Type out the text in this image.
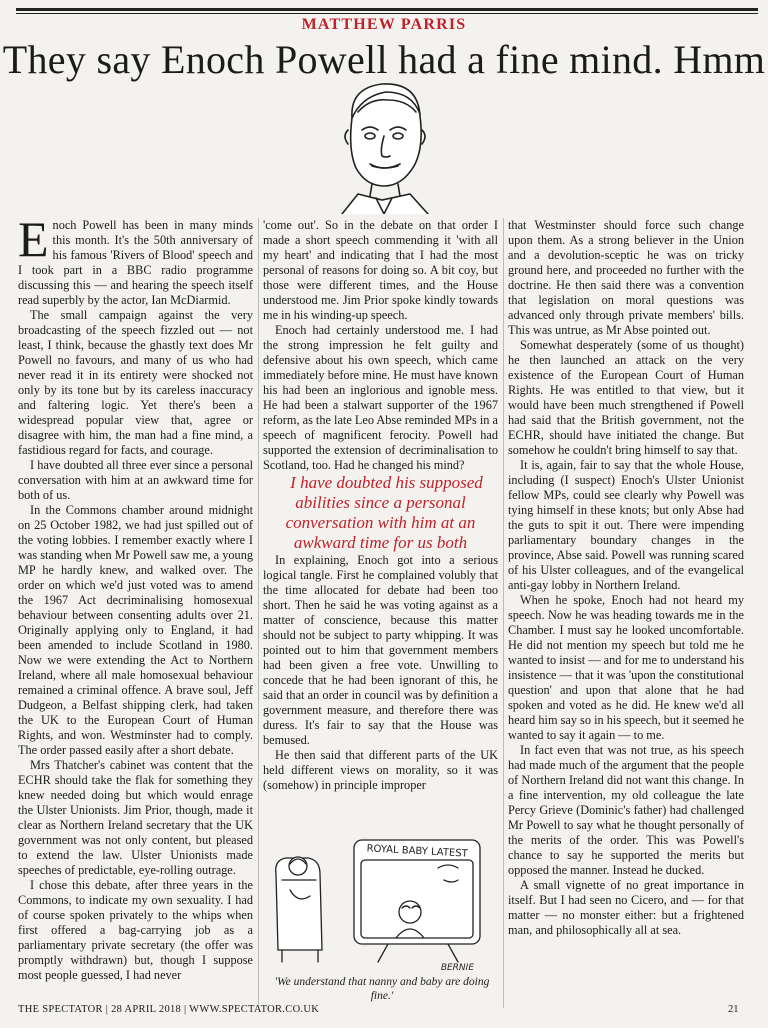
MATTHEW PARRIS
They say Enoch Powell had a fine mind. Hmm

Enoch Powell has been in many minds this month. It's the 50th anniversary of his famous 'Rivers of Blood' speech and I took part in a BBC radio programme discussing this — and hearing the speech itself read superbly by the actor, Ian McDiarmid.

The small campaign against the very broadcasting of the speech fizzled out — not least, I think, because the ghastly text does Mr Powell no favours, and many of us who had never read it in its entirety were shocked not only by its tone but by its careless inaccuracy and faltering logic. Yet there's been a widespread popular view that, agree or disagree with him, the man had a fine mind, a fastidious regard for facts, and courage.

I have doubted all three ever since a personal conversation with him at an awkward time for both of us.

In the Commons chamber around midnight on 25 October 1982, we had just spilled out of the voting lobbies. I remember exactly where I was standing when Mr Powell saw me, a young MP he hardly knew, and walked over. The order on which we'd just voted was to amend the 1967 Act decriminalising homosexual behaviour between consenting adults over 21. Originally applying only to England, it had been amended to include Scotland in 1980. Now we were extending the Act to Northern Ireland, where all male homosexual behaviour remained a criminal offence. A brave soul, Jeff Dudgeon, a Belfast shipping clerk, had taken the UK to the European Court of Human Rights, and won. Westminster had to comply. The order passed easily after a short debate.

Mrs Thatcher's cabinet was content that the ECHR should take the flak for something they knew needed doing but which would enrage the Ulster Unionists. Jim Prior, though, made it clear as Northern Ireland secretary that the UK government was not only content, but pleased to extend the law. Ulster Unionists made speeches of predictable, eye-rolling outrage.

I chose this debate, after three years in the Commons, to indicate my own sexuality. I had of course spoken privately to the whips when first offered a bag-carrying job as a parliamentary private secretary (the offer was promptly withdrawn) but, though I suppose most people guessed, I had never

'come out'. So in the debate on that order I made a short speech commending it 'with all my heart' and indicating that I had the most personal of reasons for doing so. A bit coy, but those were different times, and the House understood me. Jim Prior spoke kindly towards me in his winding-up speech.

Enoch had certainly understood me. I had the strong impression he felt guilty and defensive about his own speech, which came immediately before mine. He must have known his had been an inglorious and ignoble mess. He had been a stalwart supporter of the 1967 reform, as the late Leo Abse reminded MPs in a speech of magnificent ferocity. Powell had supported the extension of decriminalisation to Scotland, too. Had he changed his mind?

I have doubted his supposed abilities since a personal conversation with him at an awkward time for us both

In explaining, Enoch got into a serious logical tangle. First he complained volubly that the time allocated for debate had been too short. Then he said he was voting against as a matter of conscience, because this matter should not be subject to party whipping. It was pointed out to him that government members had been given a free vote. Unwilling to concede that he had been ignorant of this, he said that an order in council was by definition a government measure, and therefore there was duress. It's fair to say that the House was bemused.

He then said that different parts of the UK held different views on morality, so it was (somehow) in principle improper

that Westminster should force such change upon them. As a strong believer in the Union and a devolution-sceptic he was on tricky ground here, and proceeded no further with the doctrine. He then said there was a convention that legislation on moral questions was advanced only through private members' bills. This was untrue, as Mr Abse pointed out.

Somewhat desperately (some of us thought) he then launched an attack on the very existence of the European Court of Human Rights. He was entitled to that view, but it would have been much strengthened if Powell had said that the British government, not the ECHR, should have initiated the change. But somehow he couldn't bring himself to say that.

It is, again, fair to say that the whole House, including (I suspect) Enoch's Ulster Unionist fellow MPs, could see clearly why Powell was tying himself in these knots; but only Abse had the guts to spit it out. There were impending parliamentary boundary changes in the province, Abse said. Powell was running scared of his Ulster colleagues, and of the evangelical anti-gay lobby in Northern Ireland.

When he spoke, Enoch had not heard my speech. Now he was heading towards me in the Chamber. I must say he looked uncomfortable. He did not mention my speech but told me he wanted to insist — and for me to understand his insistence — that it was 'upon the constitutional question' and upon that alone that he had spoken and voted as he did. He knew we'd all heard him say so in his speech, but it seemed he wanted to say it again — to me.

In fact even that was not true, as his speech had made much of the argument that the people of Northern Ireland did not want this change. In a fine intervention, my old colleague the late Percy Grieve (Dominic's father) had challenged Mr Powell to say what he thought personally of the merits of the order. This was Powell's chance to say he supported the merits but opposed the manner. Instead he ducked.

A small vignette of no great importance in itself. But I had seen no Cicero, and — for that matter — no monster either: but a frightened man, and philosophically all at sea.

ROYAL BABY LATEST
BERNIE
'We understand that nanny and baby are doing fine.'
THE SPECTATOR | 28 APRIL 2018 | WWW.SPECTATOR.CO.UK	21
